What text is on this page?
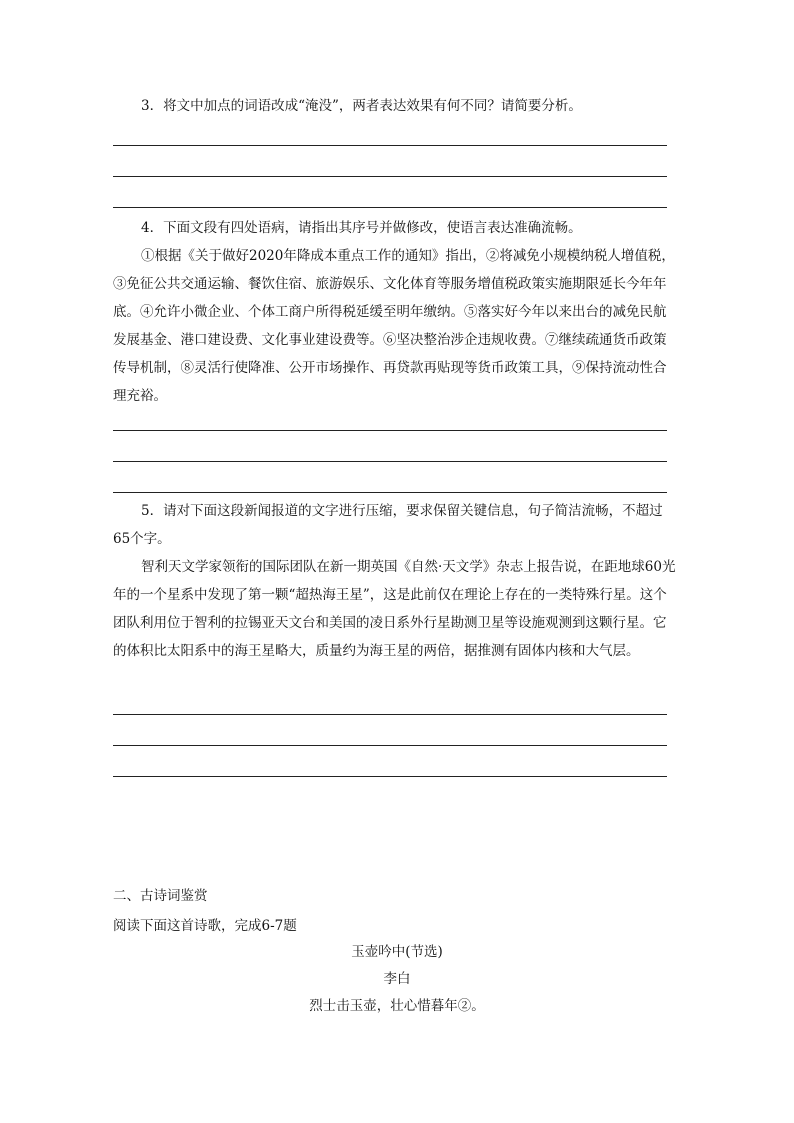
3．将文中加点的词语改成“淹没”，两者表达效果有何不同？请简要分析。

4．下面文段有四处语病，请指出其序号并做修改，使语言表达准确流畅。

①根据《关于做好2020年降成本重点工作的通知》指出，②将减免小规模纳税人增值税，③免征公共交通运输、餐饮住宿、旅游娱乐、文化体育等服务增值税政策实施期限延长今年年底。④允许小微企业、个体工商户所得税延缓至明年缴纳。⑤落实好今年以来出台的减免民航发展基金、港口建设费、文化事业建设费等。⑥坚决整治涉企违规收费。⑦继续疏通货币政策传导机制，⑧灵活行使降准、公开市场操作、再贷款再贴现等货币政策工具，⑨保持流动性合理充裕。

5．请对下面这段新闻报道的文字进行压缩，要求保留关键信息，句子简洁流畅，不超过65个字。

智利天文学家领衔的国际团队在新一期英国《自然·天文学》杂志上报告说，在距地球60光年的一个星系中发现了第一颗“超热海王星”，这是此前仅在理论上存在的一类特殊行星。这个团队利用位于智利的拉锡亚天文台和美国的凌日系外行星勘测卫星等设施观测到这颗行星。它的体积比太阳系中的海王星略大，质量约为海王星的两倍，据推测有固体内核和大气层。

二、古诗词鉴赏
阅读下面这首诗歌，完成6-7题
玉壶吟中(节选)
李白
烈士击玉壶，壮心惜暮年②。
